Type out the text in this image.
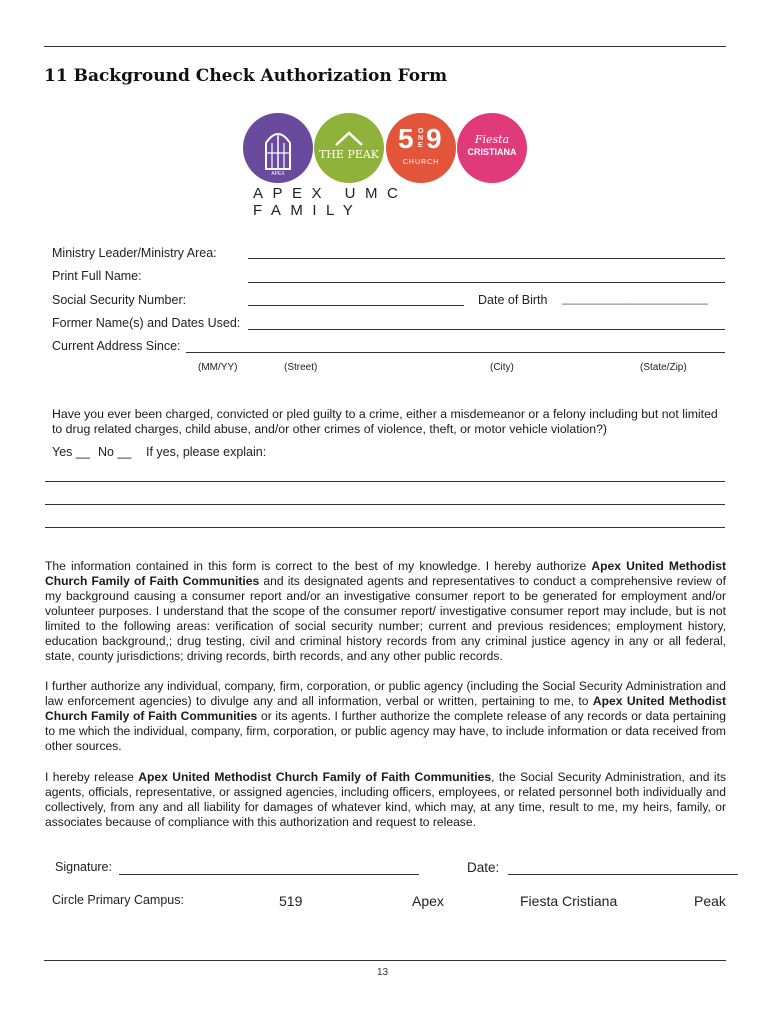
11 Background Check Authorization Form
APEX
THE PEAK
5 ONE 9
CHURCH
Fiesta
CRISTIANA
APEX UMC FAMILY
Ministry Leader/Ministry Area:
Print Full Name:
Social Security Number:	Date of Birth _____________________
Former Name(s) and Dates Used:
Current Address Since:
(MM/YY)	(Street)	(City)	(State/Zip)
Have you ever been charged, convicted or pled guilty to a crime, either a misdemeanor or a felony including but not limited to drug related charges, child abuse, and/or other crimes of violence, theft, or motor vehicle violation?)
Yes __ No __ If yes, please explain:
The information contained in this form is correct to the best of my knowledge. I hereby authorize Apex United Methodist Church Family of Faith Communities and its designated agents and representatives to conduct a comprehensive review of my background causing a consumer report and/or an investigative consumer report to be generated for employment and/or volunteer purposes. I understand that the scope of the consumer report/ investigative consumer report may include, but is not limited to the following areas: verification of social security number; current and previous residences; employment history, education background,; drug testing, civil and criminal history records from any criminal justice agency in any or all federal, state, county jurisdictions; driving records, birth records, and any other public records.
I further authorize any individual, company, firm, corporation, or public agency (including the Social Security Administration and law enforcement agencies) to divulge any and all information, verbal or written, pertaining to me, to Apex United Methodist Church Family of Faith Communities or its agents. I further authorize the complete release of any records or data pertaining to me which the individual, company, firm, corporation, or public agency may have, to include information or data received from other sources.
I hereby release Apex United Methodist Church Family of Faith Communities, the Social Security Administration, and its agents, officials, representative, or assigned agencies, including officers, employees, or related personnel both individually and collectively, from any and all liability for damages of whatever kind, which may, at any time, result to me, my heirs, family, or associates because of compliance with this authorization and request to release.
Signature:	Date:
Circle Primary Campus:	519	Apex	Fiesta Cristiana	Peak
13
